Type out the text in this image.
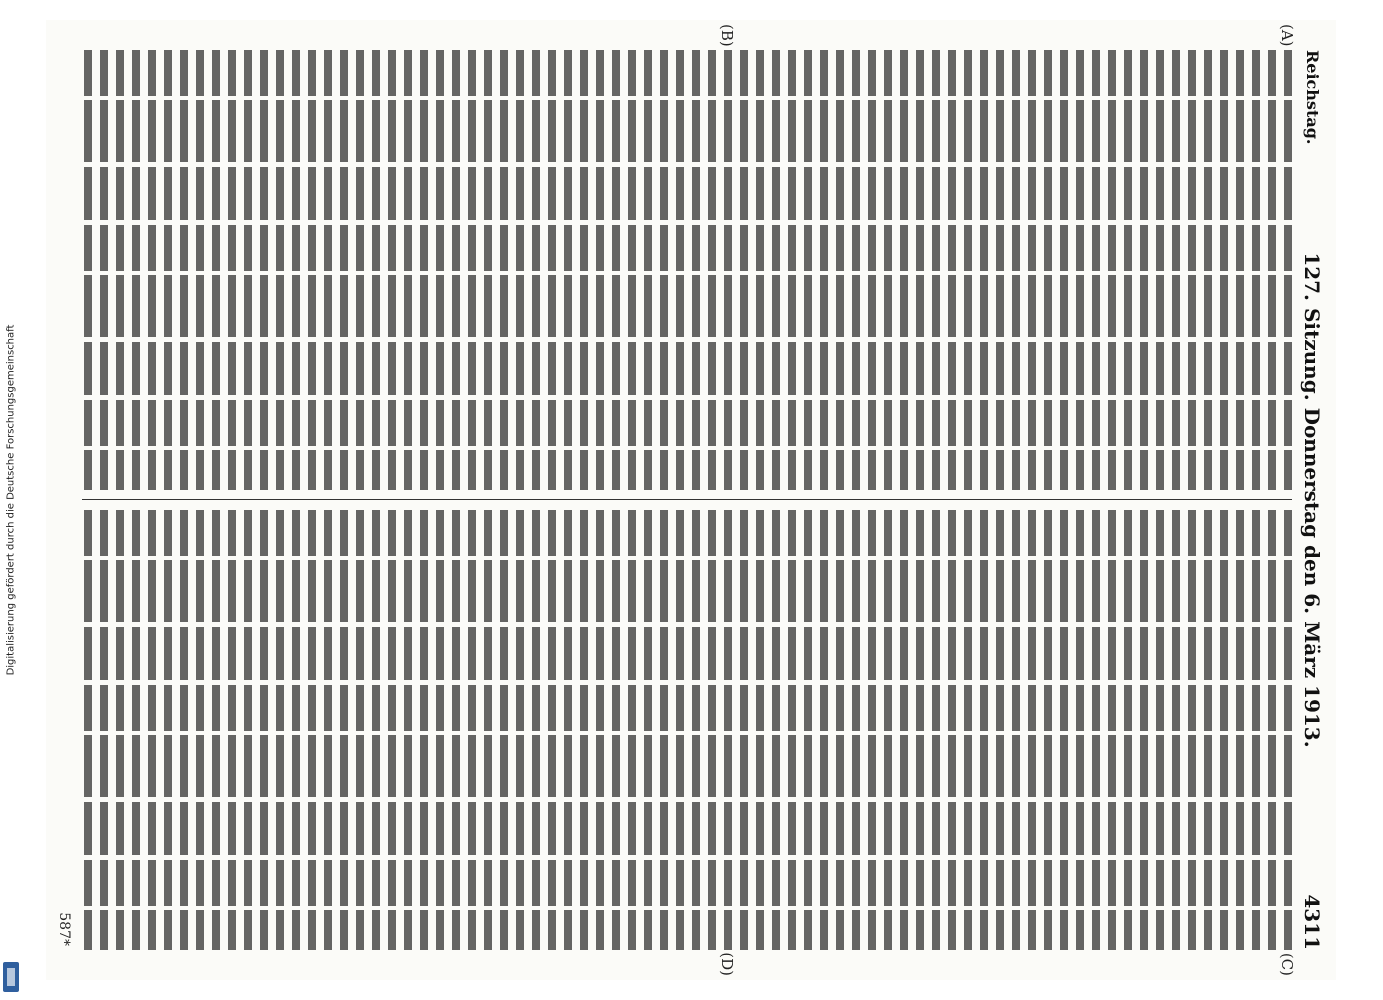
Digitalisierung gefördert durch die Deutsche Forschungsgemeinschaft
Reichstag.
127. Sitzung. Donnerstag den 6. März 1913.
4311
(A)
(B)
(C)
(D)
587*
